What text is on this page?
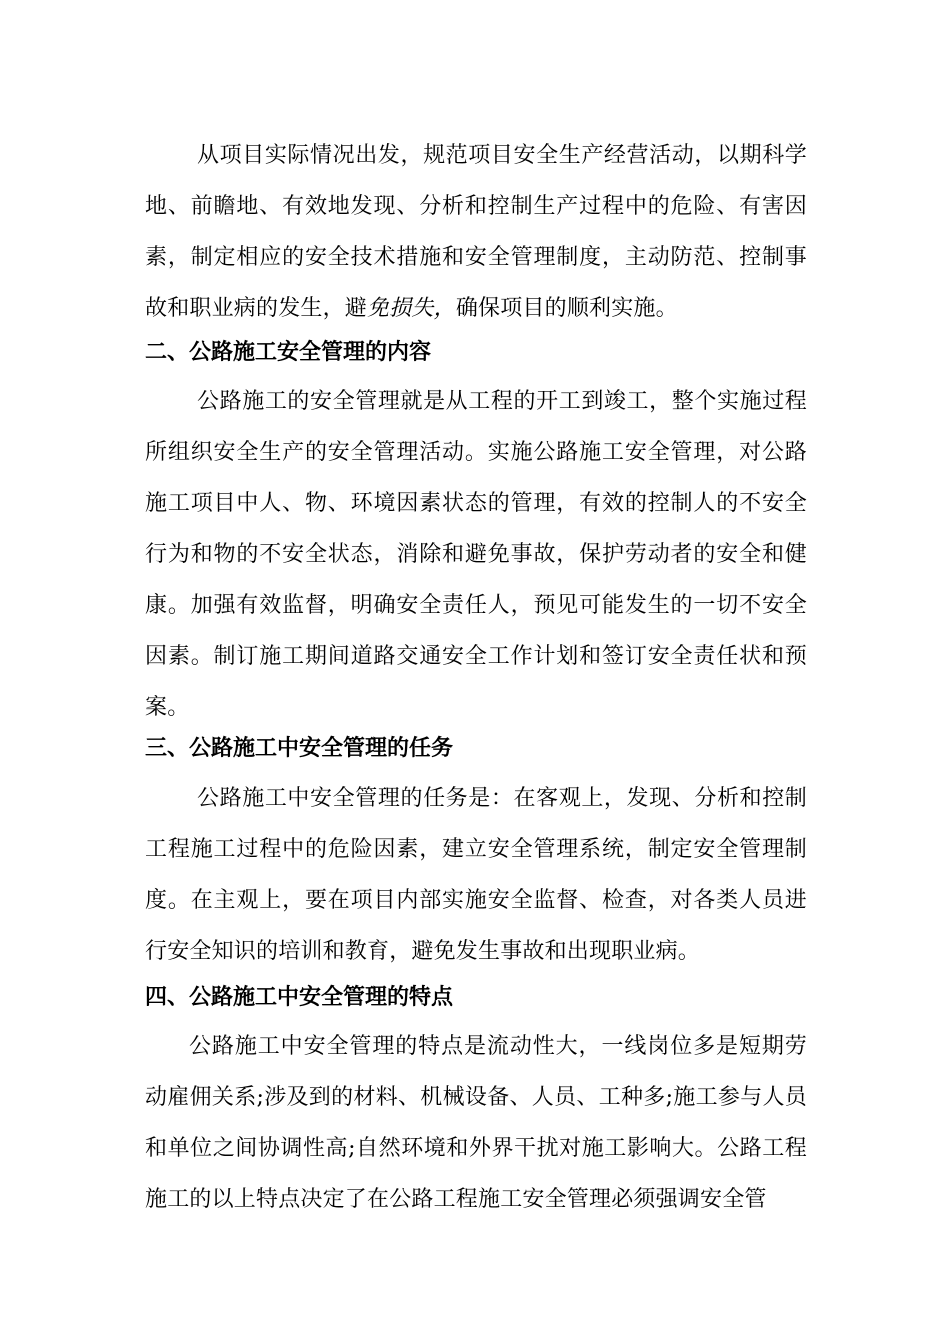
从项目实际情况出发，规范项目安全生产经营活动，以期科学地、前瞻地、有效地发现、分析和控制生产过程中的危险、有害因素，制定相应的安全技术措施和安全管理制度，主动防范、控制事故和职业病的发生，避免损失，确保项目的顺利实施。

二、公路施工安全管理的内容

公路施工的安全管理就是从工程的开工到竣工，整个实施过程所组织安全生产的安全管理活动。实施公路施工安全管理，对公路施工项目中人、物、环境因素状态的管理，有效的控制人的不安全行为和物的不安全状态，消除和避免事故，保护劳动者的安全和健康。加强有效监督，明确安全责任人，预见可能发生的一切不安全因素。制订施工期间道路交通安全工作计划和签订安全责任状和预案。

三、公路施工中安全管理的任务

公路施工中安全管理的任务是：在客观上，发现、分析和控制工程施工过程中的危险因素，建立安全管理系统，制定安全管理制度。在主观上，要在项目内部实施安全监督、检查，对各类人员进行安全知识的培训和教育，避免发生事故和出现职业病。

四、公路施工中安全管理的特点

公路施工中安全管理的特点是流动性大，一线岗位多是短期劳动雇佣关系;涉及到的材料、机械设备、人员、工种多;施工参与人员和单位之间协调性高;自然环境和外界干扰对施工影响大。公路工程施工的以上特点决定了在公路工程施工安全管理必须强调安全管
